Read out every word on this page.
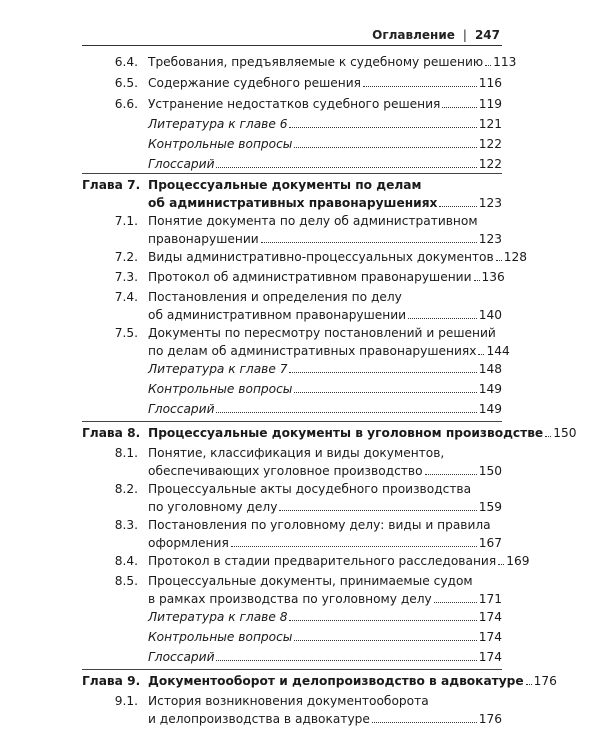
Оглавление | 247
6.4. Требования, предъявляемые к судебному решению 113
6.5. Содержание судебного решения	116
6.6. Устранение недостатков судебного решения	119
Литература к главе 6	121
Контрольные вопросы	122
Глоссарий	122
Глава 7. Процессуальные документы по делам
об административных правонарушениях	123
7.1. Понятие документа по делу об административном
правонарушении	123
7.2. Виды административно-процессуальных документов 128
7.3. Протокол об административном правонарушении 136
7.4. Постановления и определения по делу
об административном правонарушении	140
7.5. Документы по пересмотру постановлений и решений
по делам об административных правонарушениях 144
Литература к главе 7	148
Контрольные вопросы	149
Глоссарий	149
Глава 8. Процессуальные документы в уголовном производстве 150
8.1. Понятие, классификация и виды документов,
обеспечивающих уголовное производство	150
8.2. Процессуальные акты досудебного производства
по уголовному делу	159
8.3. Постановления по уголовному делу: виды и правила
оформления	167
8.4. Протокол в стадии предварительного расследования 169
8.5. Процессуальные документы, принимаемые судом
в рамках производства по уголовному делу	171
Литература к главе 8	174
Контрольные вопросы	174
Глоссарий	174
Глава 9. Документооборот и делопроизводство в адвокатуре 176
9.1. История возникновения документооборота
и делопроизводства в адвокатуре	176
